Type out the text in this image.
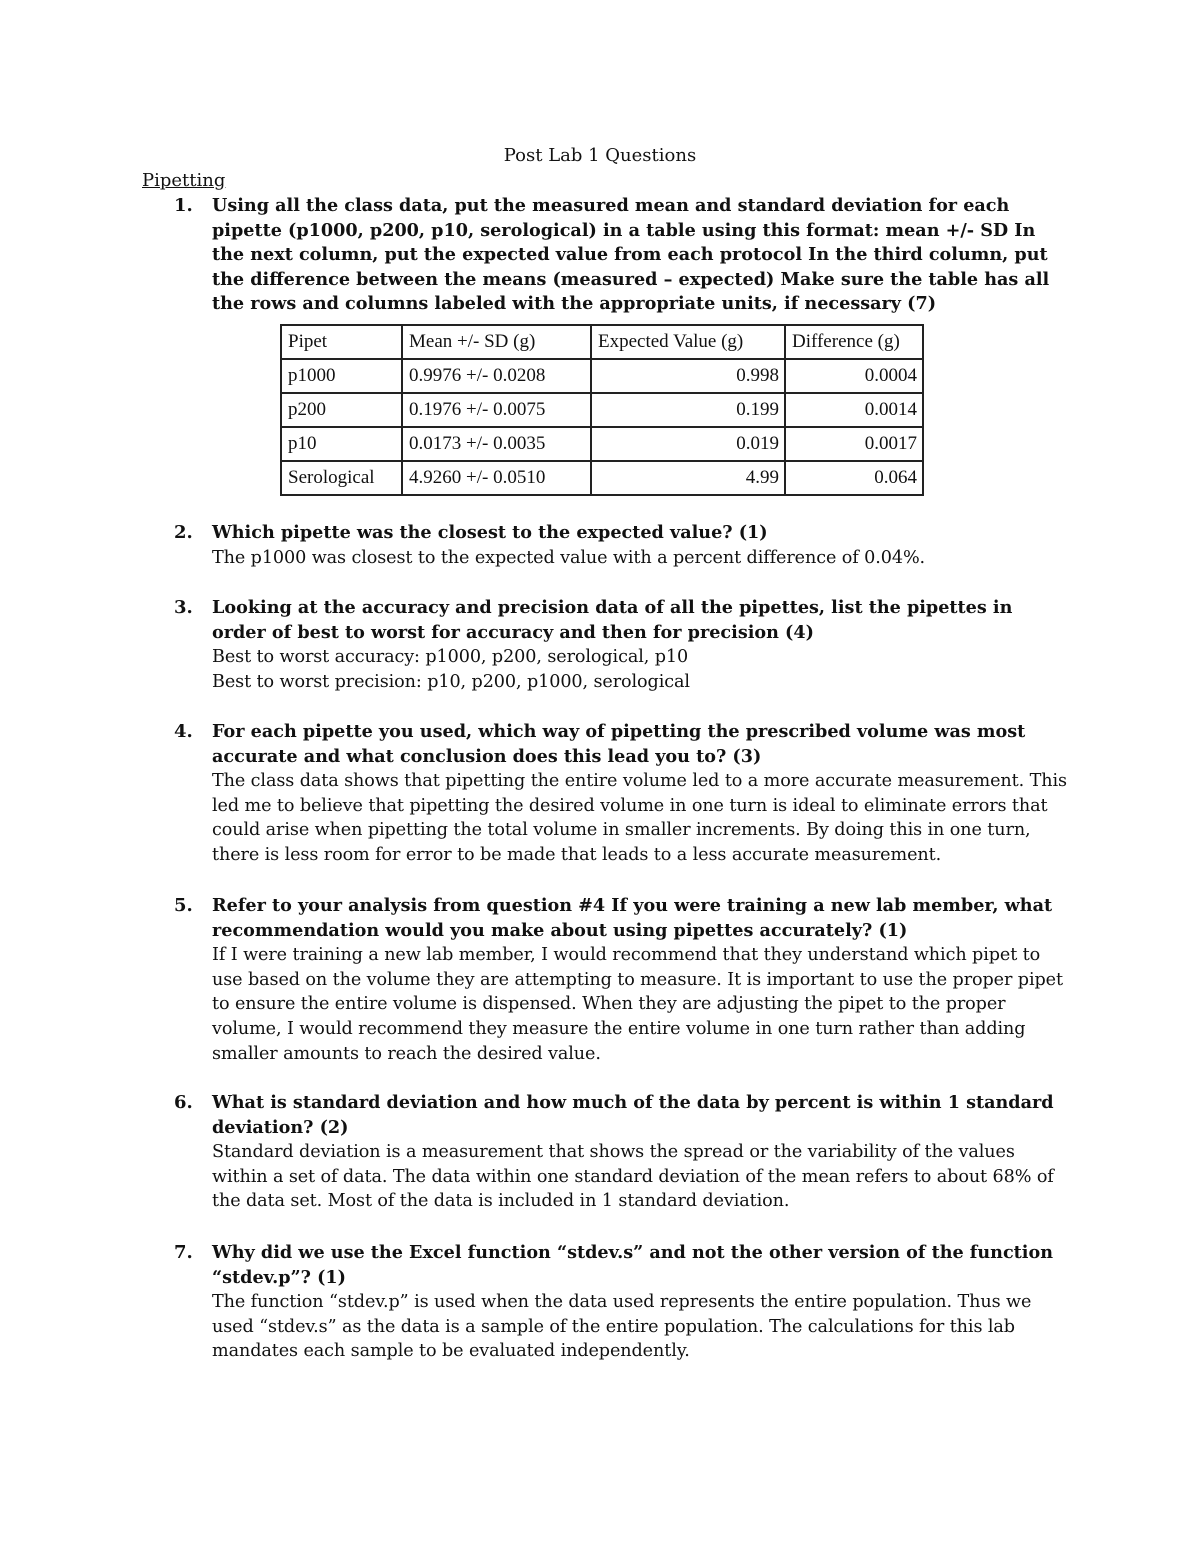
Post Lab 1 Questions
Pipetting
1. Using all the class data, put the measured mean and standard deviation for each pipette (p1000, p200, p10, serological) in a table using this format: mean +/- SD In the next column, put the expected value from each protocol In the third column, put the difference between the means (measured – expected) Make sure the table has all the rows and columns labeled with the appropriate units, if necessary (7)

Pipet	Mean +/- SD (g)	Expected Value (g)	Difference (g)
p1000	0.9976 +/- 0.0208	0.998	0.0004
p200	0.1976 +/- 0.0075	0.199	0.0014
p10	0.0173 +/- 0.0035	0.019	0.0017
Serological	4.9260 +/- 0.0510	4.99	0.064
2. Which pipette was the closest to the expected value? (1)

The p1000 was closest to the expected value with a percent difference of 0.04%.

3. Looking at the accuracy and precision data of all the pipettes, list the pipettes in order of best to worst for accuracy and then for precision (4)

Best to worst accuracy: p1000, p200, serological, p10

Best to worst precision: p10, p200, p1000, serological

4. For each pipette you used, which way of pipetting the prescribed volume was most accurate and what conclusion does this lead you to? (3)

The class data shows that pipetting the entire volume led to a more accurate measurement. This led me to believe that pipetting the desired volume in one turn is ideal to eliminate errors that could arise when pipetting the total volume in smaller increments. By doing this in one turn, there is less room for error to be made that leads to a less accurate measurement.

5. Refer to your analysis from question #4 If you were training a new lab member, what recommendation would you make about using pipettes accurately? (1)

If I were training a new lab member, I would recommend that they understand which pipet to use based on the volume they are attempting to measure. It is important to use the proper pipet to ensure the entire volume is dispensed. When they are adjusting the pipet to the proper volume, I would recommend they measure the entire volume in one turn rather than adding smaller amounts to reach the desired value.

6. What is standard deviation and how much of the data by percent is within 1 standard deviation? (2)

Standard deviation is a measurement that shows the spread or the variability of the values within a set of data. The data within one standard deviation of the mean refers to about 68% of the data set. Most of the data is included in 1 standard deviation.

7. Why did we use the Excel function “stdev.s” and not the other version of the function “stdev.p”? (1)

The function “stdev.p” is used when the data used represents the entire population. Thus we used “stdev.s” as the data is a sample of the entire population. The calculations for this lab mandates each sample to be evaluated independently.
